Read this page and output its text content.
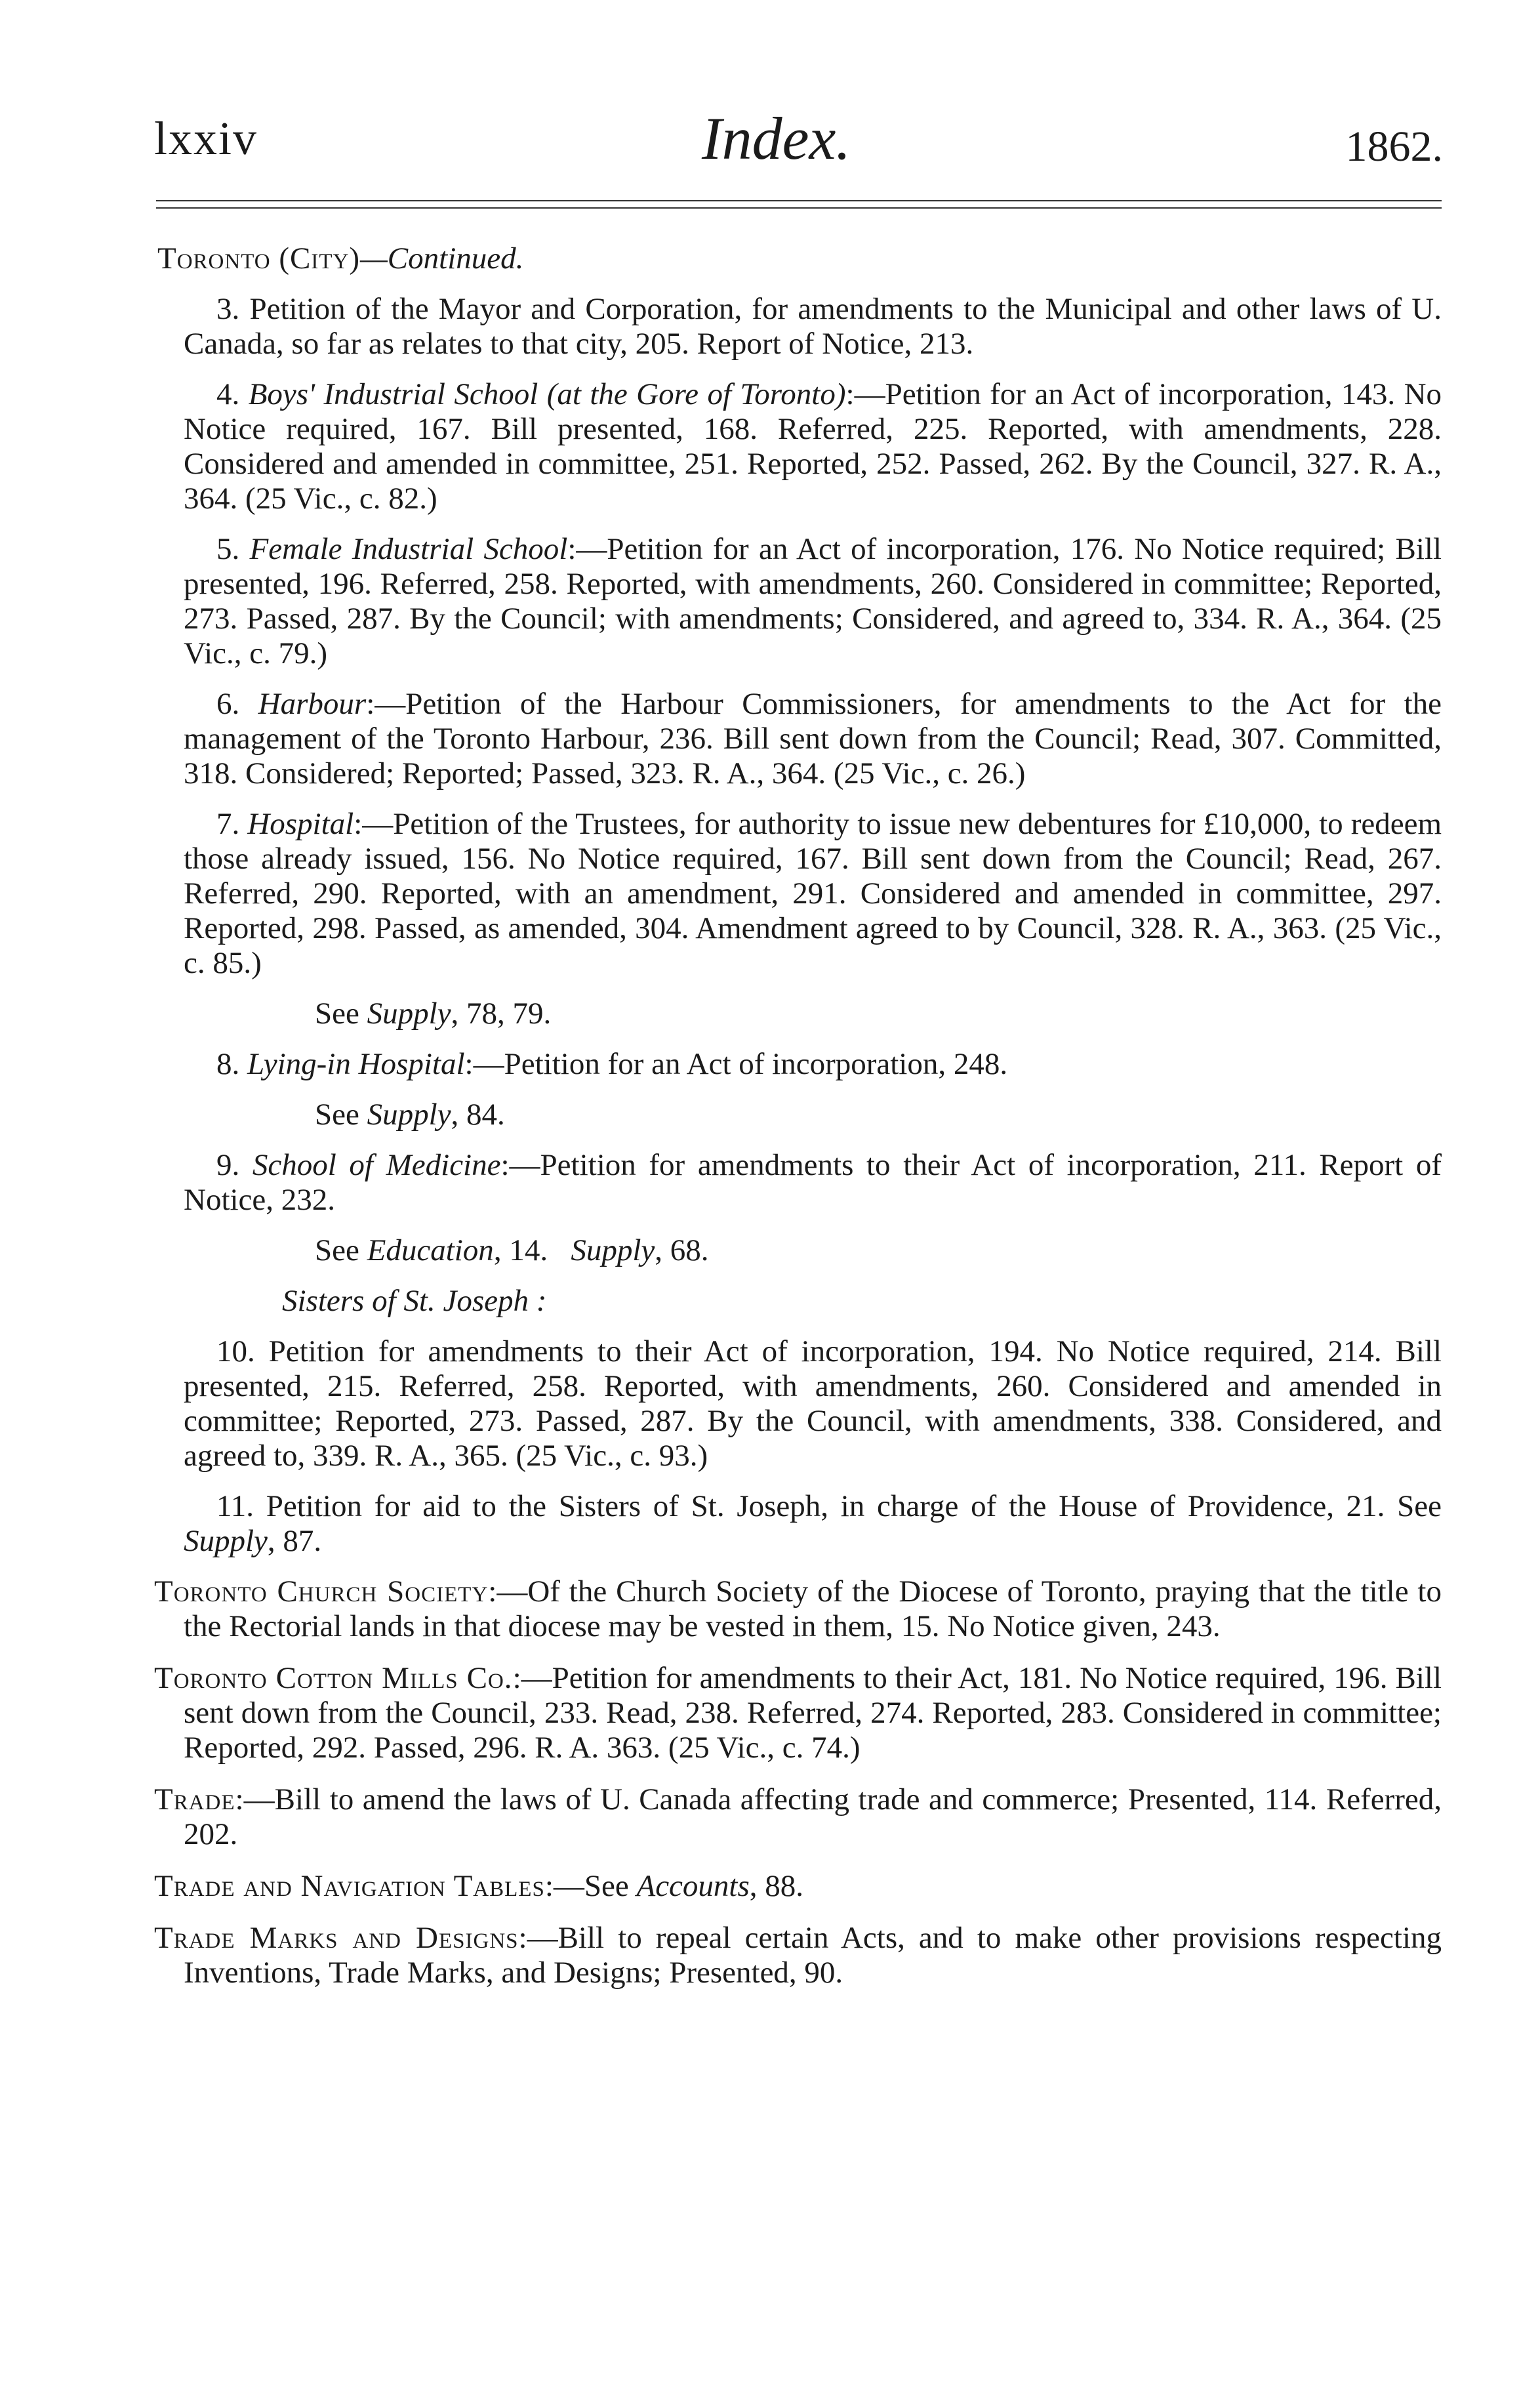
lxxiv	Index.	1862.

Toronto (City)—Continued.

3. Petition of the Mayor and Corporation, for amendments to the Municipal and other laws of U. Canada, so far as relates to that city, 205. Report of Notice, 213.

4. Boys' Industrial School (at the Gore of Toronto):—Petition for an Act of incorporation, 143. No Notice required, 167. Bill presented, 168. Referred, 225. Reported, with amendments, 228. Considered and amended in committee, 251. Reported, 252. Passed, 262. By the Council, 327. R. A., 364. (25 Vic., c. 82.)

5. Female Industrial School:—Petition for an Act of incorporation, 176. No Notice required; Bill presented, 196. Referred, 258. Reported, with amendments, 260. Considered in committee; Reported, 273. Passed, 287. By the Council; with amendments; Considered, and agreed to, 334. R. A., 364. (25 Vic., c. 79.)

6. Harbour:—Petition of the Harbour Commissioners, for amendments to the Act for the management of the Toronto Harbour, 236. Bill sent down from the Council; Read, 307. Committed, 318. Considered; Reported; Passed, 323. R. A., 364. (25 Vic., c. 26.)

7. Hospital:—Petition of the Trustees, for authority to issue new debentures for £10,000, to redeem those already issued, 156. No Notice required, 167. Bill sent down from the Council; Read, 267. Referred, 290. Reported, with an amendment, 291. Considered and amended in committee, 297. Reported, 298. Passed, as amended, 304. Amendment agreed to by Council, 328. R. A., 363. (25 Vic., c. 85.)

See Supply, 78, 79.

8. Lying-in Hospital:—Petition for an Act of incorporation, 248.

See Supply, 84.

9. School of Medicine:—Petition for amendments to their Act of incorporation, 211. Report of Notice, 232.

See Education, 14. Supply, 68.

Sisters of St. Joseph :

10. Petition for amendments to their Act of incorporation, 194. No Notice required, 214. Bill presented, 215. Referred, 258. Reported, with amendments, 260. Considered and amended in committee; Reported, 273. Passed, 287. By the Council, with amendments, 338. Considered, and agreed to, 339. R. A., 365. (25 Vic., c. 93.)

11. Petition for aid to the Sisters of St. Joseph, in charge of the House of Providence, 21. See Supply, 87.

Toronto Church Society:—Of the Church Society of the Diocese of Toronto, praying that the title to the Rectorial lands in that diocese may be vested in them, 15. No Notice given, 243.

Toronto Cotton Mills Co.:—Petition for amendments to their Act, 181. No Notice required, 196. Bill sent down from the Council, 233. Read, 238. Referred, 274. Reported, 283. Considered in committee; Reported, 292. Passed, 296. R. A. 363. (25 Vic., c. 74.)

Trade:—Bill to amend the laws of U. Canada affecting trade and commerce; Presented, 114. Referred, 202.

Trade and Navigation Tables:—See Accounts, 88.

Trade Marks and Designs:—Bill to repeal certain Acts, and to make other provisions respecting Inventions, Trade Marks, and Designs; Presented, 90.
